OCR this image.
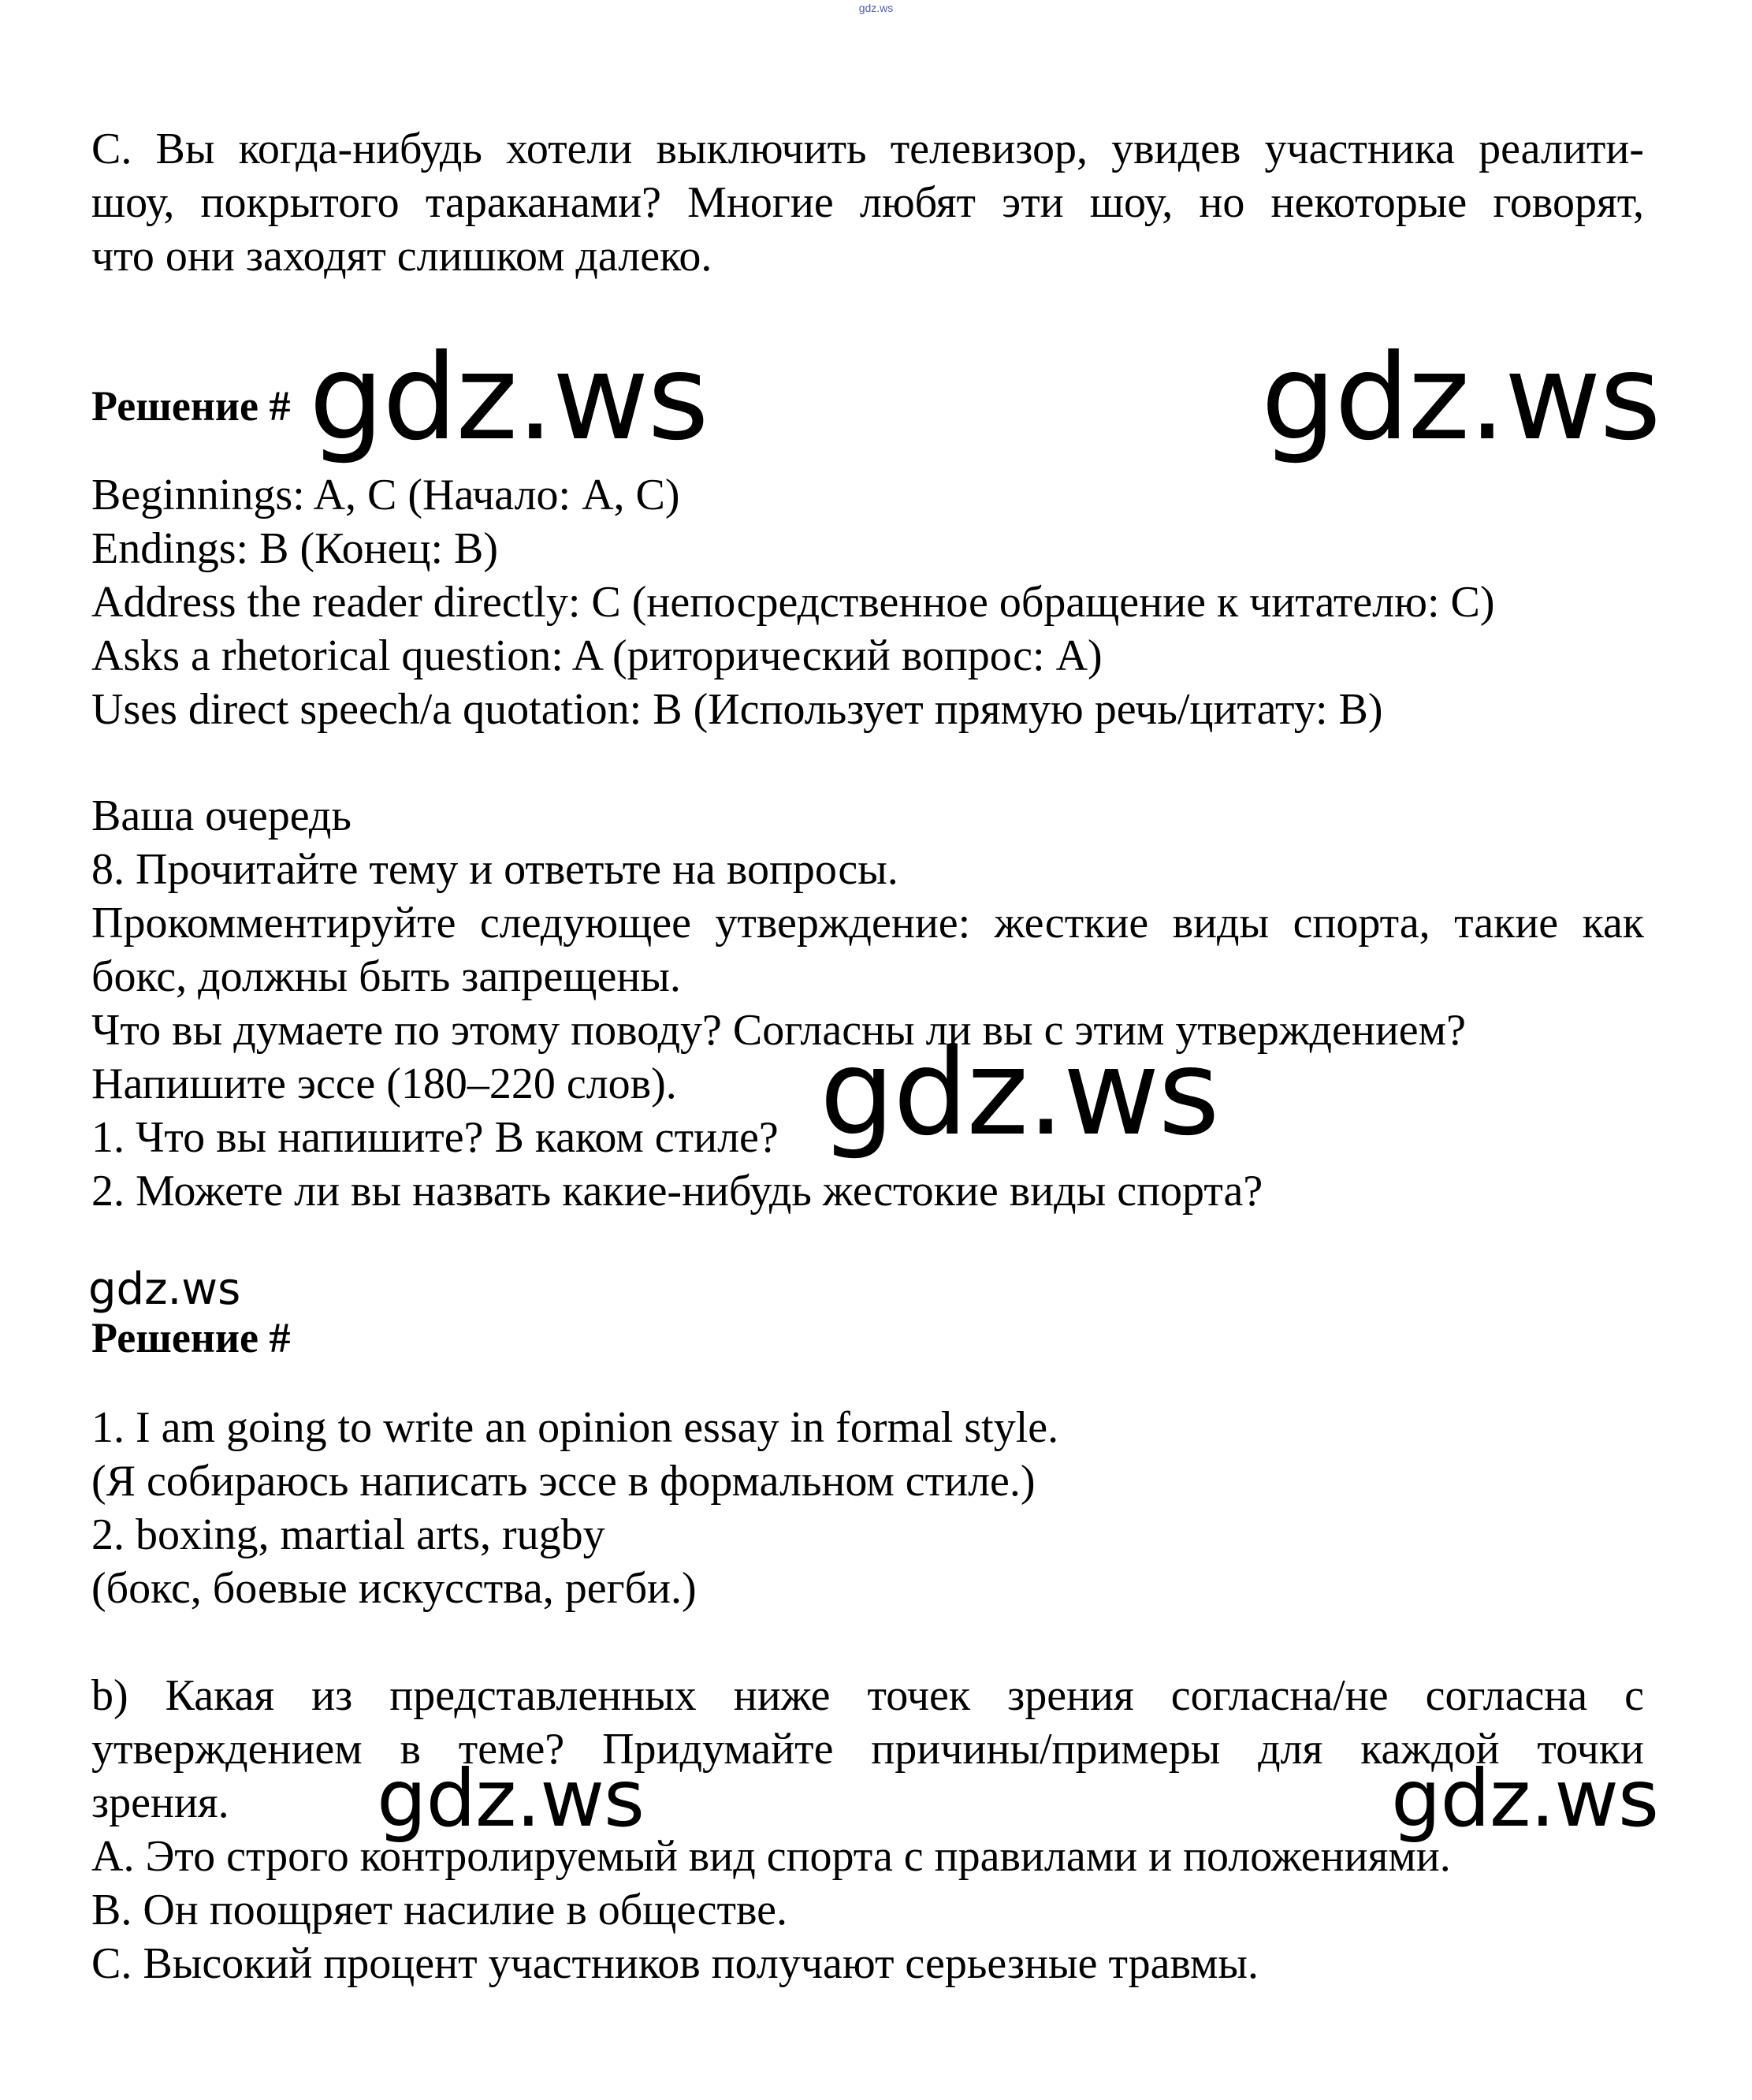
gdz.ws
C. Вы когда-нибудь хотели выключить телевизор, увидев участника реалити-
шоу, покрытого тараканами? Многие любят эти шоу, но некоторые говорят,
что они заходят слишком далеко.
Решение #
Beginnings: A, C (Начало: A, C)
Endings: B (Конец: B)
Address the reader directly: C (непосредственное обращение к читателю: C)
Asks a rhetorical question: A (риторический вопрос: A)
Uses direct speech/a quotation: B (Использует прямую речь/цитату: B)
Ваша очередь
8. Прочитайте тему и ответьте на вопросы.
Прокомментируйте следующее утверждение: жесткие виды спорта, такие как
бокс, должны быть запрещены.
Что вы думаете по этому поводу? Согласны ли вы с этим утверждением?
Напишите эссе (180–220 слов).
1. Что вы напишите? В каком стиле?
2. Можете ли вы назвать какие-нибудь жестокие виды спорта?
Решение #
1. I am going to write an opinion essay in formal style.
(Я собираюсь написать эссе в формальном стиле.)
2. boxing, martial arts, rugby
(бокс, боевые искусства, регби.)
b) Какая из представленных ниже точек зрения согласна/не согласна с
утверждением в теме? Придумайте причины/примеры для каждой точки
зрения.
A. Это строго контролируемый вид спорта с правилами и положениями.
B. Он поощряет насилие в обществе.
C. Высокий процент участников получают серьезные травмы.
gdz.ws	gdz.ws
gdz.ws
gdz.ws
gdz.ws	gdz.ws
